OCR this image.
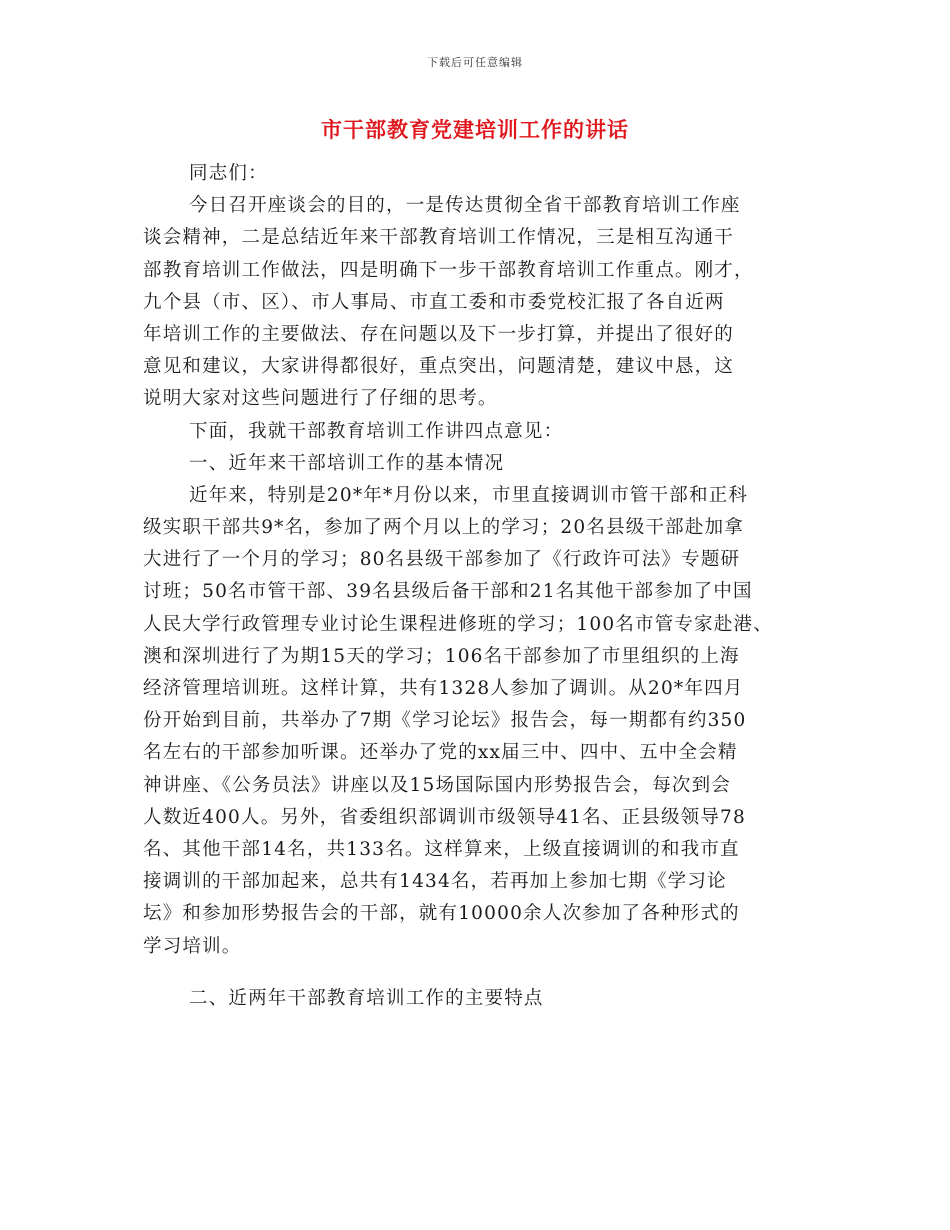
下载后可任意编辑
市干部教育党建培训工作的讲话
同志们：
今日召开座谈会的目的，一是传达贯彻全省干部教育培训工作座
谈会精神，二是总结近年来干部教育培训工作情况，三是相互沟通干
部教育培训工作做法，四是明确下一步干部教育培训工作重点。刚才，
九个县（市、区）、市人事局、市直工委和市委党校汇报了各自近两
年培训工作的主要做法、存在问题以及下一步打算，并提出了很好的
意见和建议，大家讲得都很好，重点突出，问题清楚，建议中恳，这
说明大家对这些问题进行了仔细的思考。
下面，我就干部教育培训工作讲四点意见：
一、近年来干部培训工作的基本情况
近年来，特别是20*年*月份以来，市里直接调训市管干部和正科
级实职干部共9*名，参加了两个月以上的学习；20名县级干部赴加拿
大进行了一个月的学习；80名县级干部参加了《行政许可法》专题研
讨班；50名市管干部、39名县级后备干部和21名其他干部参加了中国
人民大学行政管理专业讨论生课程进修班的学习；100名市管专家赴港、
澳和深圳进行了为期15天的学习；106名干部参加了市里组织的上海
经济管理培训班。这样计算，共有1328人参加了调训。从20*年四月
份开始到目前，共举办了7期《学习论坛》报告会，每一期都有约350
名左右的干部参加听课。还举办了党的xx届三中、四中、五中全会精
神讲座、《公务员法》讲座以及15场国际国内形势报告会，每次到会
人数近400人。另外，省委组织部调训市级领导41名、正县级领导78
名、其他干部14名，共133名。这样算来，上级直接调训的和我市直
接调训的干部加起来，总共有1434名，若再加上参加七期《学习论
坛》和参加形势报告会的干部，就有10000余人次参加了各种形式的
学习培训。
二、近两年干部教育培训工作的主要特点
